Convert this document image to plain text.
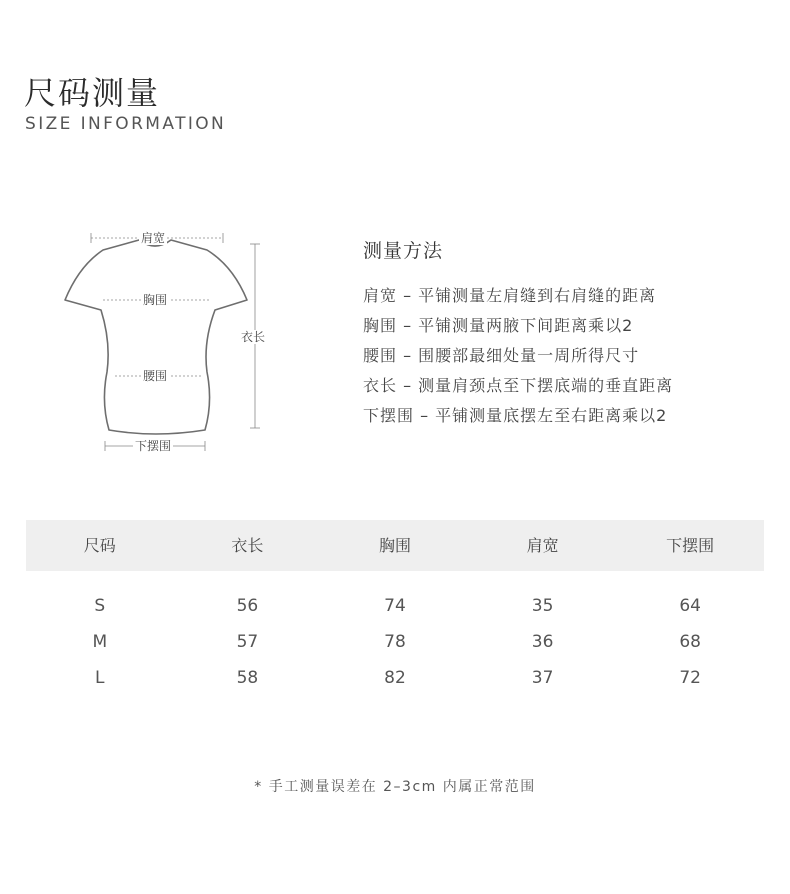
尺码测量
SIZE INFORMATION
肩宽
胸围
腰围
衣长
下摆围
测量方法
肩宽 – 平铺测量左肩缝到右肩缝的距离
胸围 – 平铺测量两腋下间距离乘以2
腰围 – 围腰部最细处量一周所得尺寸
衣长 – 测量肩颈点至下摆底端的垂直距离
下摆围 – 平铺测量底摆左至右距离乘以2
尺码	衣长	胸围	肩宽	下摆围
S	56	74	35	64
M	57	78	36	68
L	58	82	37	72
* 手工测量误差在 2–3cm 内属正常范围
